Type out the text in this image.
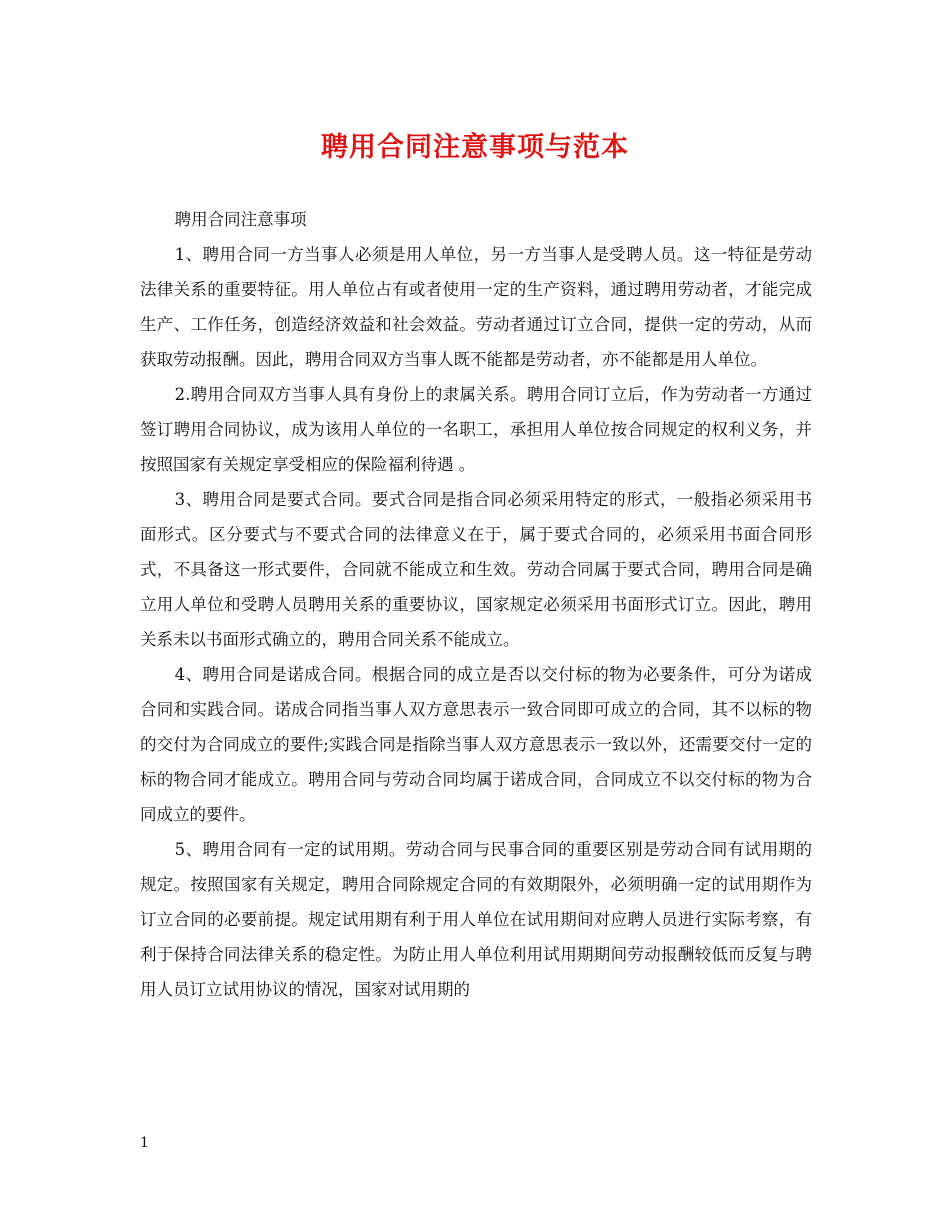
聘用合同注意事项与范本

聘用合同注意事项

1、聘用合同一方当事人必须是用人单位，另一方当事人是受聘人员。这一特征是劳动法律关系的重要特征。用人单位占有或者使用一定的生产资料，通过聘用劳动者，才能完成生产、工作任务，创造经济效益和社会效益。劳动者通过订立合同，提供一定的劳动，从而获取劳动报酬。因此，聘用合同双方当事人既不能都是劳动者，亦不能都是用人单位。

2.聘用合同双方当事人具有身份上的隶属关系。聘用合同订立后，作为劳动者一方通过签订聘用合同协议，成为该用人单位的一名职工，承担用人单位按合同规定的权利义务，并按照国家有关规定享受相应的保险福利待遇 。

3、聘用合同是要式合同。要式合同是指合同必须采用特定的形式，一般指必须采用书面形式。区分要式与不要式合同的法律意义在于，属于要式合同的，必须采用书面合同形式，不具备这一形式要件，合同就不能成立和生效。劳动合同属于要式合同，聘用合同是确立用人单位和受聘人员聘用关系的重要协议，国家规定必须采用书面形式订立。因此，聘用关系未以书面形式确立的，聘用合同关系不能成立。

4、聘用合同是诺成合同。根据合同的成立是否以交付标的物为必要条件，可分为诺成合同和实践合同。诺成合同指当事人双方意思表示一致合同即可成立的合同，其不以标的物的交付为合同成立的要件;实践合同是指除当事人双方意思表示一致以外，还需要交付一定的标的物合同才能成立。聘用合同与劳动合同均属于诺成合同，合同成立不以交付标的物为合同成立的要件。

5、聘用合同有一定的试用期。劳动合同与民事合同的重要区别是劳动合同有试用期的规定。按照国家有关规定，聘用合同除规定合同的有效期限外，必须明确一定的试用期作为订立合同的必要前提。规定试用期有利于用人单位在试用期间对应聘人员进行实际考察，有利于保持合同法律关系的稳定性。为防止用人单位利用试用期期间劳动报酬较低而反复与聘用人员订立试用协议的情况，国家对试用期的

1
